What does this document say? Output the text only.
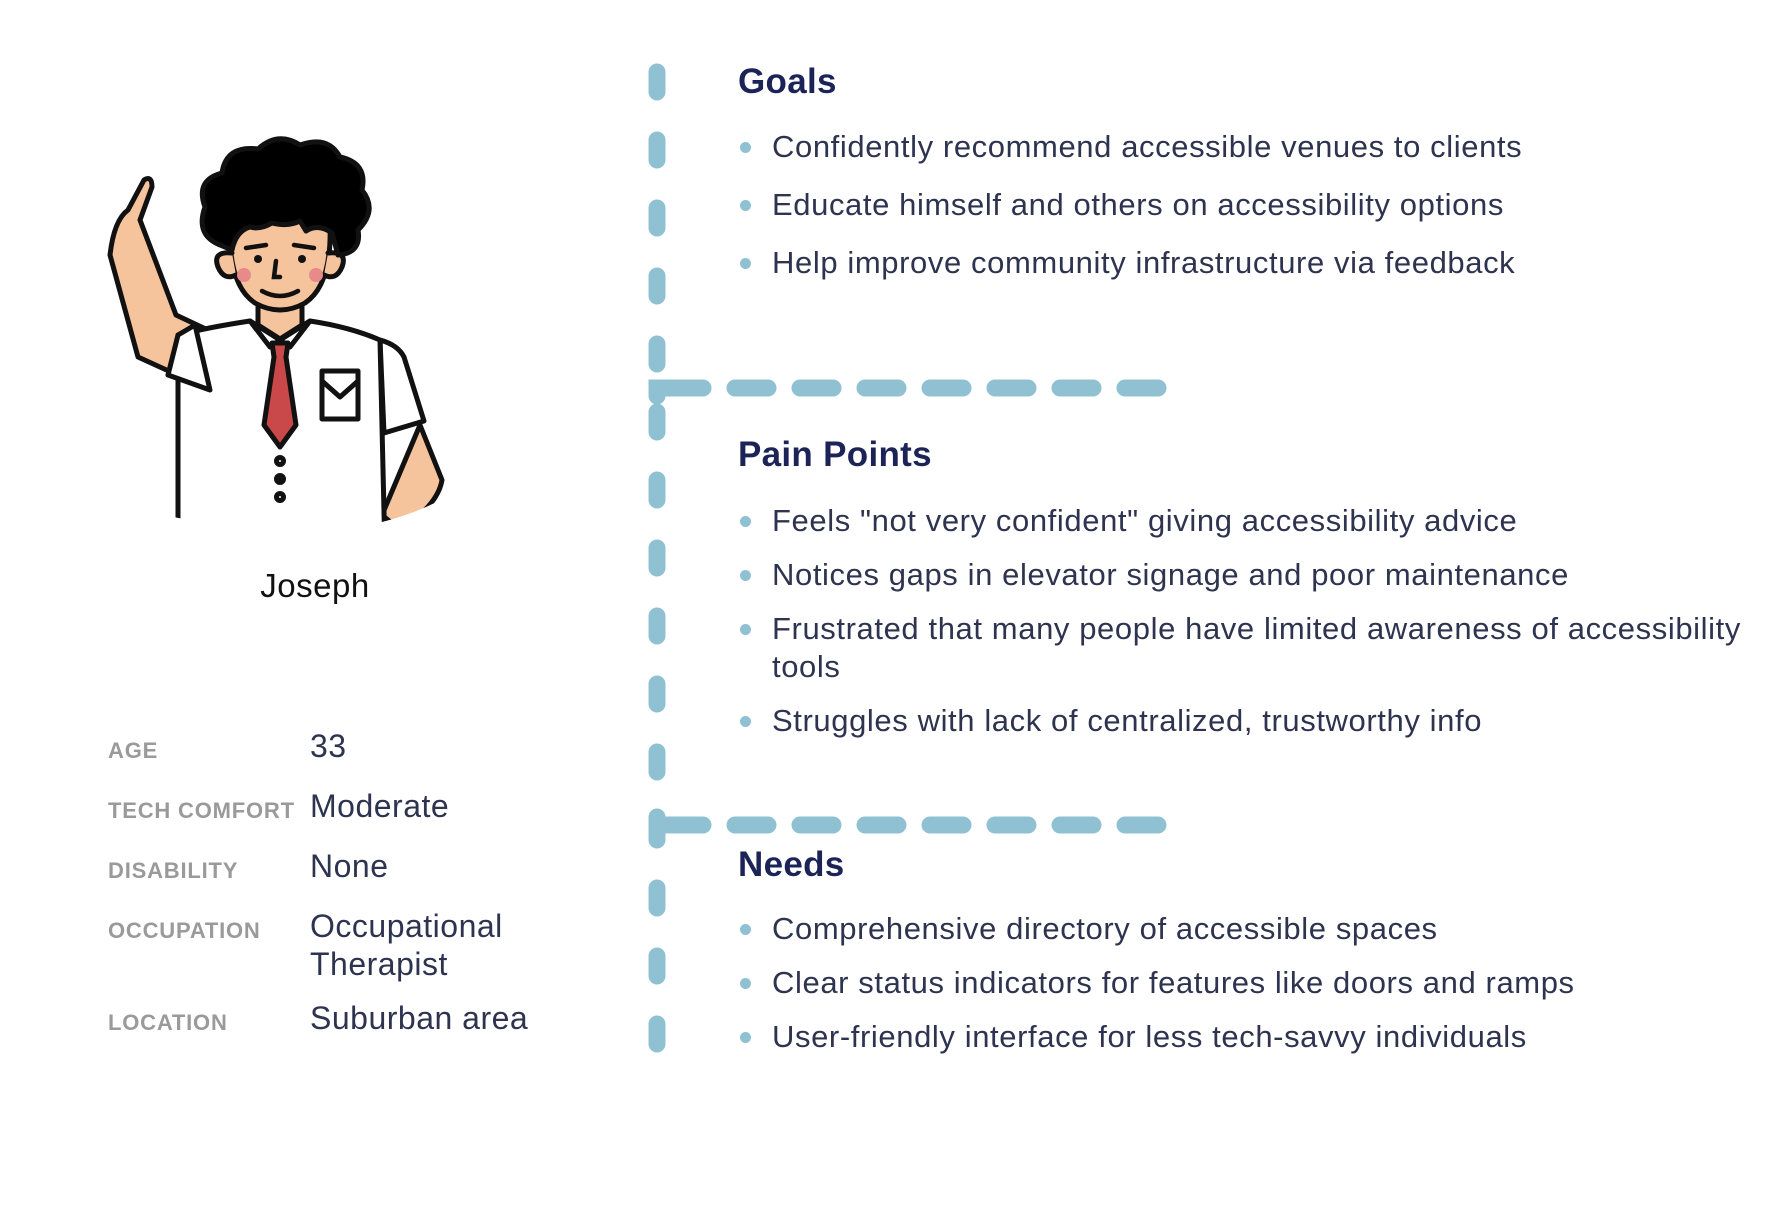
Joseph
AGE	33
TECH COMFORT Moderate
DISABILITY None
OCCUPATION Occupational Therapist
LOCATION	Suburban area
Goals
Confidently recommend accessible venues to clients
Educate himself and others on accessibility options
Help improve community infrastructure via feedback
Pain Points
Feels "not very confident" giving accessibility advice
Notices gaps in elevator signage and poor maintenance
Frustrated that many people have limited awareness of accessibility tools
Struggles with lack of centralized, trustworthy info
Needs
Comprehensive directory of accessible spaces
Clear status indicators for features like doors and ramps
User-friendly interface for less tech-savvy individuals
